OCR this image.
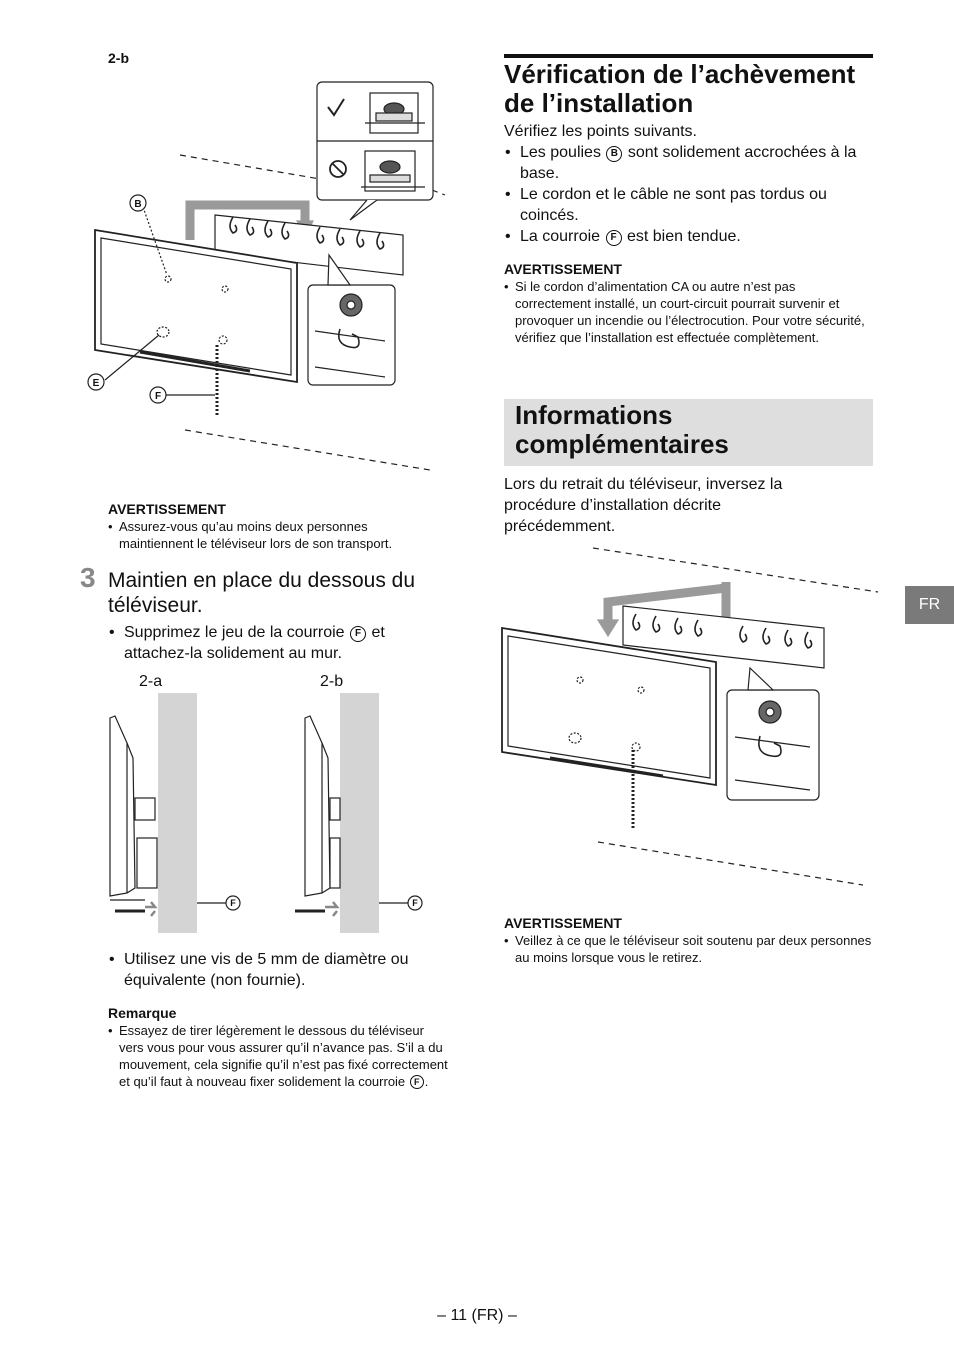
2-b
B
E
F
AVERTISSEMENT
• Assurez-vous qu’au moins deux personnes maintiennent le téléviseur lors de son transport.
3 Maintien en place du dessous du téléviseur.
• Supprimez le jeu de la courroie F et attachez-la solidement au mur.
2-a	2-b
F	F
• Utilisez une vis de 5 mm de diamètre ou équivalente (non fournie).
Remarque
• Essayez de tirer légèrement le dessous du téléviseur vers vous pour vous assurer qu’il n’avance pas. S’il a du mouvement, cela signifie qu’il n’est pas fixé correctement et qu’il faut à nouveau fixer solidement la courroie F .
Vérification de l’achèvement de l’installation
Vérifiez les points suivants.
• Les poulies B sont solidement accrochées à la base.
• Le cordon et le câble ne sont pas tordus ou coincés.
• La courroie F est bien tendue.
AVERTISSEMENT
• Si le cordon d’alimentation CA ou autre n’est pas correctement installé, un court-circuit pourrait survenir et provoquer un incendie ou l’électrocution. Pour votre sécurité, vérifiez que l’installation est effectuée complètement.
Informations complémentaires
Lors du retrait du téléviseur, inversez la procédure d’installation décrite précédemment.
AVERTISSEMENT
• Veillez à ce que le téléviseur soit soutenu par deux personnes au moins lorsque vous le retirez.
FR
– 11 (FR) –
